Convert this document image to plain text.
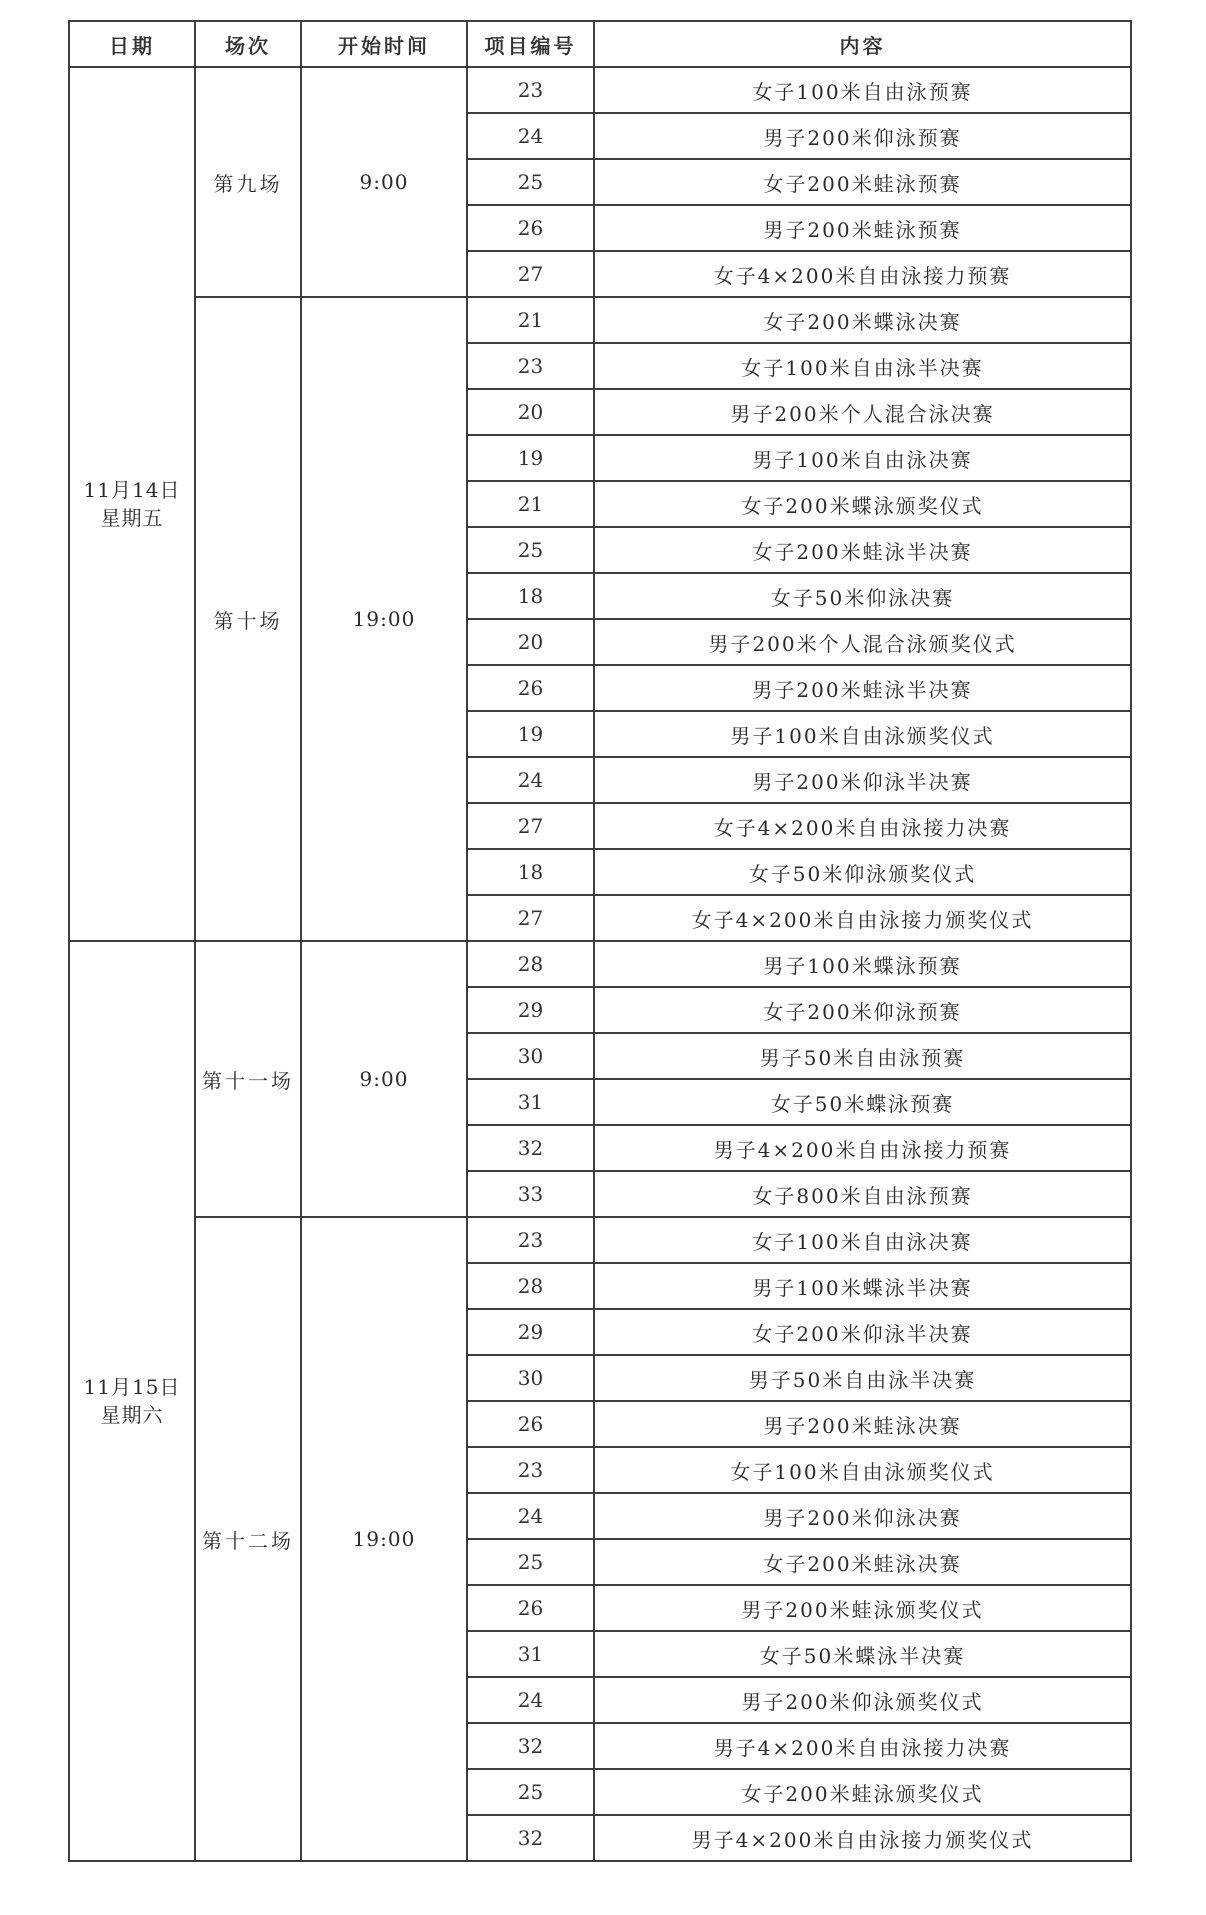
日期	场次	开始时间	项目编号	内容

11月14日
星期五	第九场	9:00	23	女子100米自由泳预赛
			24	男子200米仰泳预赛
			25	女子200米蛙泳预赛
			26	男子200米蛙泳预赛
			27	女子4×200米自由泳接力预赛
	第十场	19:00	21	女子200米蝶泳决赛
			23	女子100米自由泳半决赛
			20	男子200米个人混合泳决赛
			19	男子100米自由泳决赛
			21	女子200米蝶泳颁奖仪式
			25	女子200米蛙泳半决赛
			18	女子50米仰泳决赛
			20	男子200米个人混合泳颁奖仪式
			26	男子200米蛙泳半决赛
			19	男子100米自由泳颁奖仪式
			24	男子200米仰泳半决赛
			27	女子4×200米自由泳接力决赛
			18	女子50米仰泳颁奖仪式
			27	女子4×200米自由泳接力颁奖仪式

11月15日
星期六	第十一场	9:00	28	男子100米蝶泳预赛
			29	女子200米仰泳预赛
			30	男子50米自由泳预赛
			31	女子50米蝶泳预赛
			32	男子4×200米自由泳接力预赛
			33	女子800米自由泳预赛
	第十二场	19:00	23	女子100米自由泳决赛
			28	男子100米蝶泳半决赛
			29	女子200米仰泳半决赛
			30	男子50米自由泳半决赛
			26	男子200米蛙泳决赛
			23	女子100米自由泳颁奖仪式
			24	男子200米仰泳决赛
			25	女子200米蛙泳决赛
			26	男子200米蛙泳颁奖仪式
			31	女子50米蝶泳半决赛
			24	男子200米仰泳颁奖仪式
			32	男子4×200米自由泳接力决赛
			25	女子200米蛙泳颁奖仪式
			32	男子4×200米自由泳接力颁奖仪式
